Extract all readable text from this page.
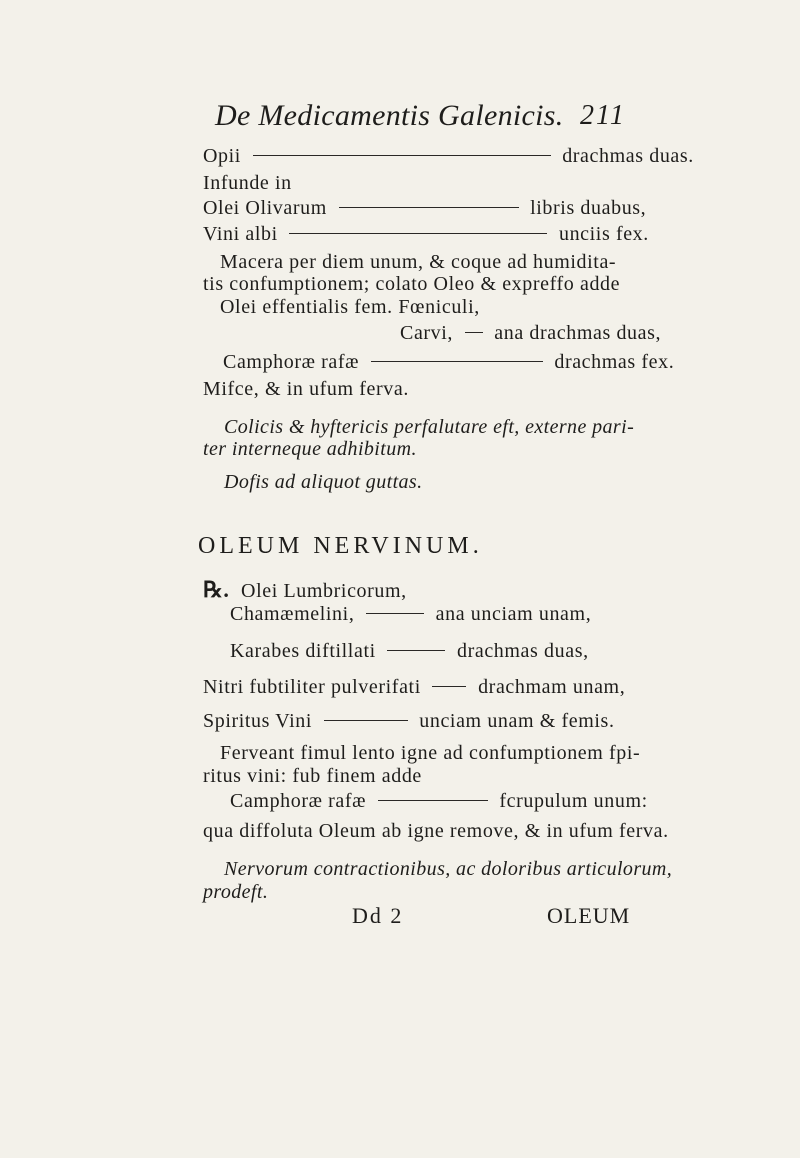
De Medicamentis Galenicis. 211
Opii	drachmas duas.
Infunde in
Olei Olivarum	libris duabus,
Vini albi	unciis fex.
Macera per diem unum, & coque ad humidita-
tis confumptionem; colato Oleo & expreffo adde
Olei effentialis fem. Fœniculi,
Carvi, ana drachmas duas,
Camphoræ rafæ	drachmas fex.
Mifce, & in ufum ferva.
Colicis & hyftericis perfalutare eft, externe pari-
ter interneque adhibitum.
Dofis ad aliquot guttas.
OLEUM NERVINUM.
℞. Olei Lumbricorum,
Chamæmelini,	ana unciam unam,
Karabes diftillati	drachmas duas,
Nitri fubtiliter pulverifati	drachmam unam,
Spiritus Vini	unciam unam & femis.
Ferveant fimul lento igne ad confumptionem fpi-
ritus vini: fub finem adde
Camphoræ rafæ	fcrupulum unum:
qua diffoluta Oleum ab igne remove, & in ufum ferva.
Nervorum contractionibus, ac doloribus articulorum,
prodeft.
Dd 2	OLEUM
